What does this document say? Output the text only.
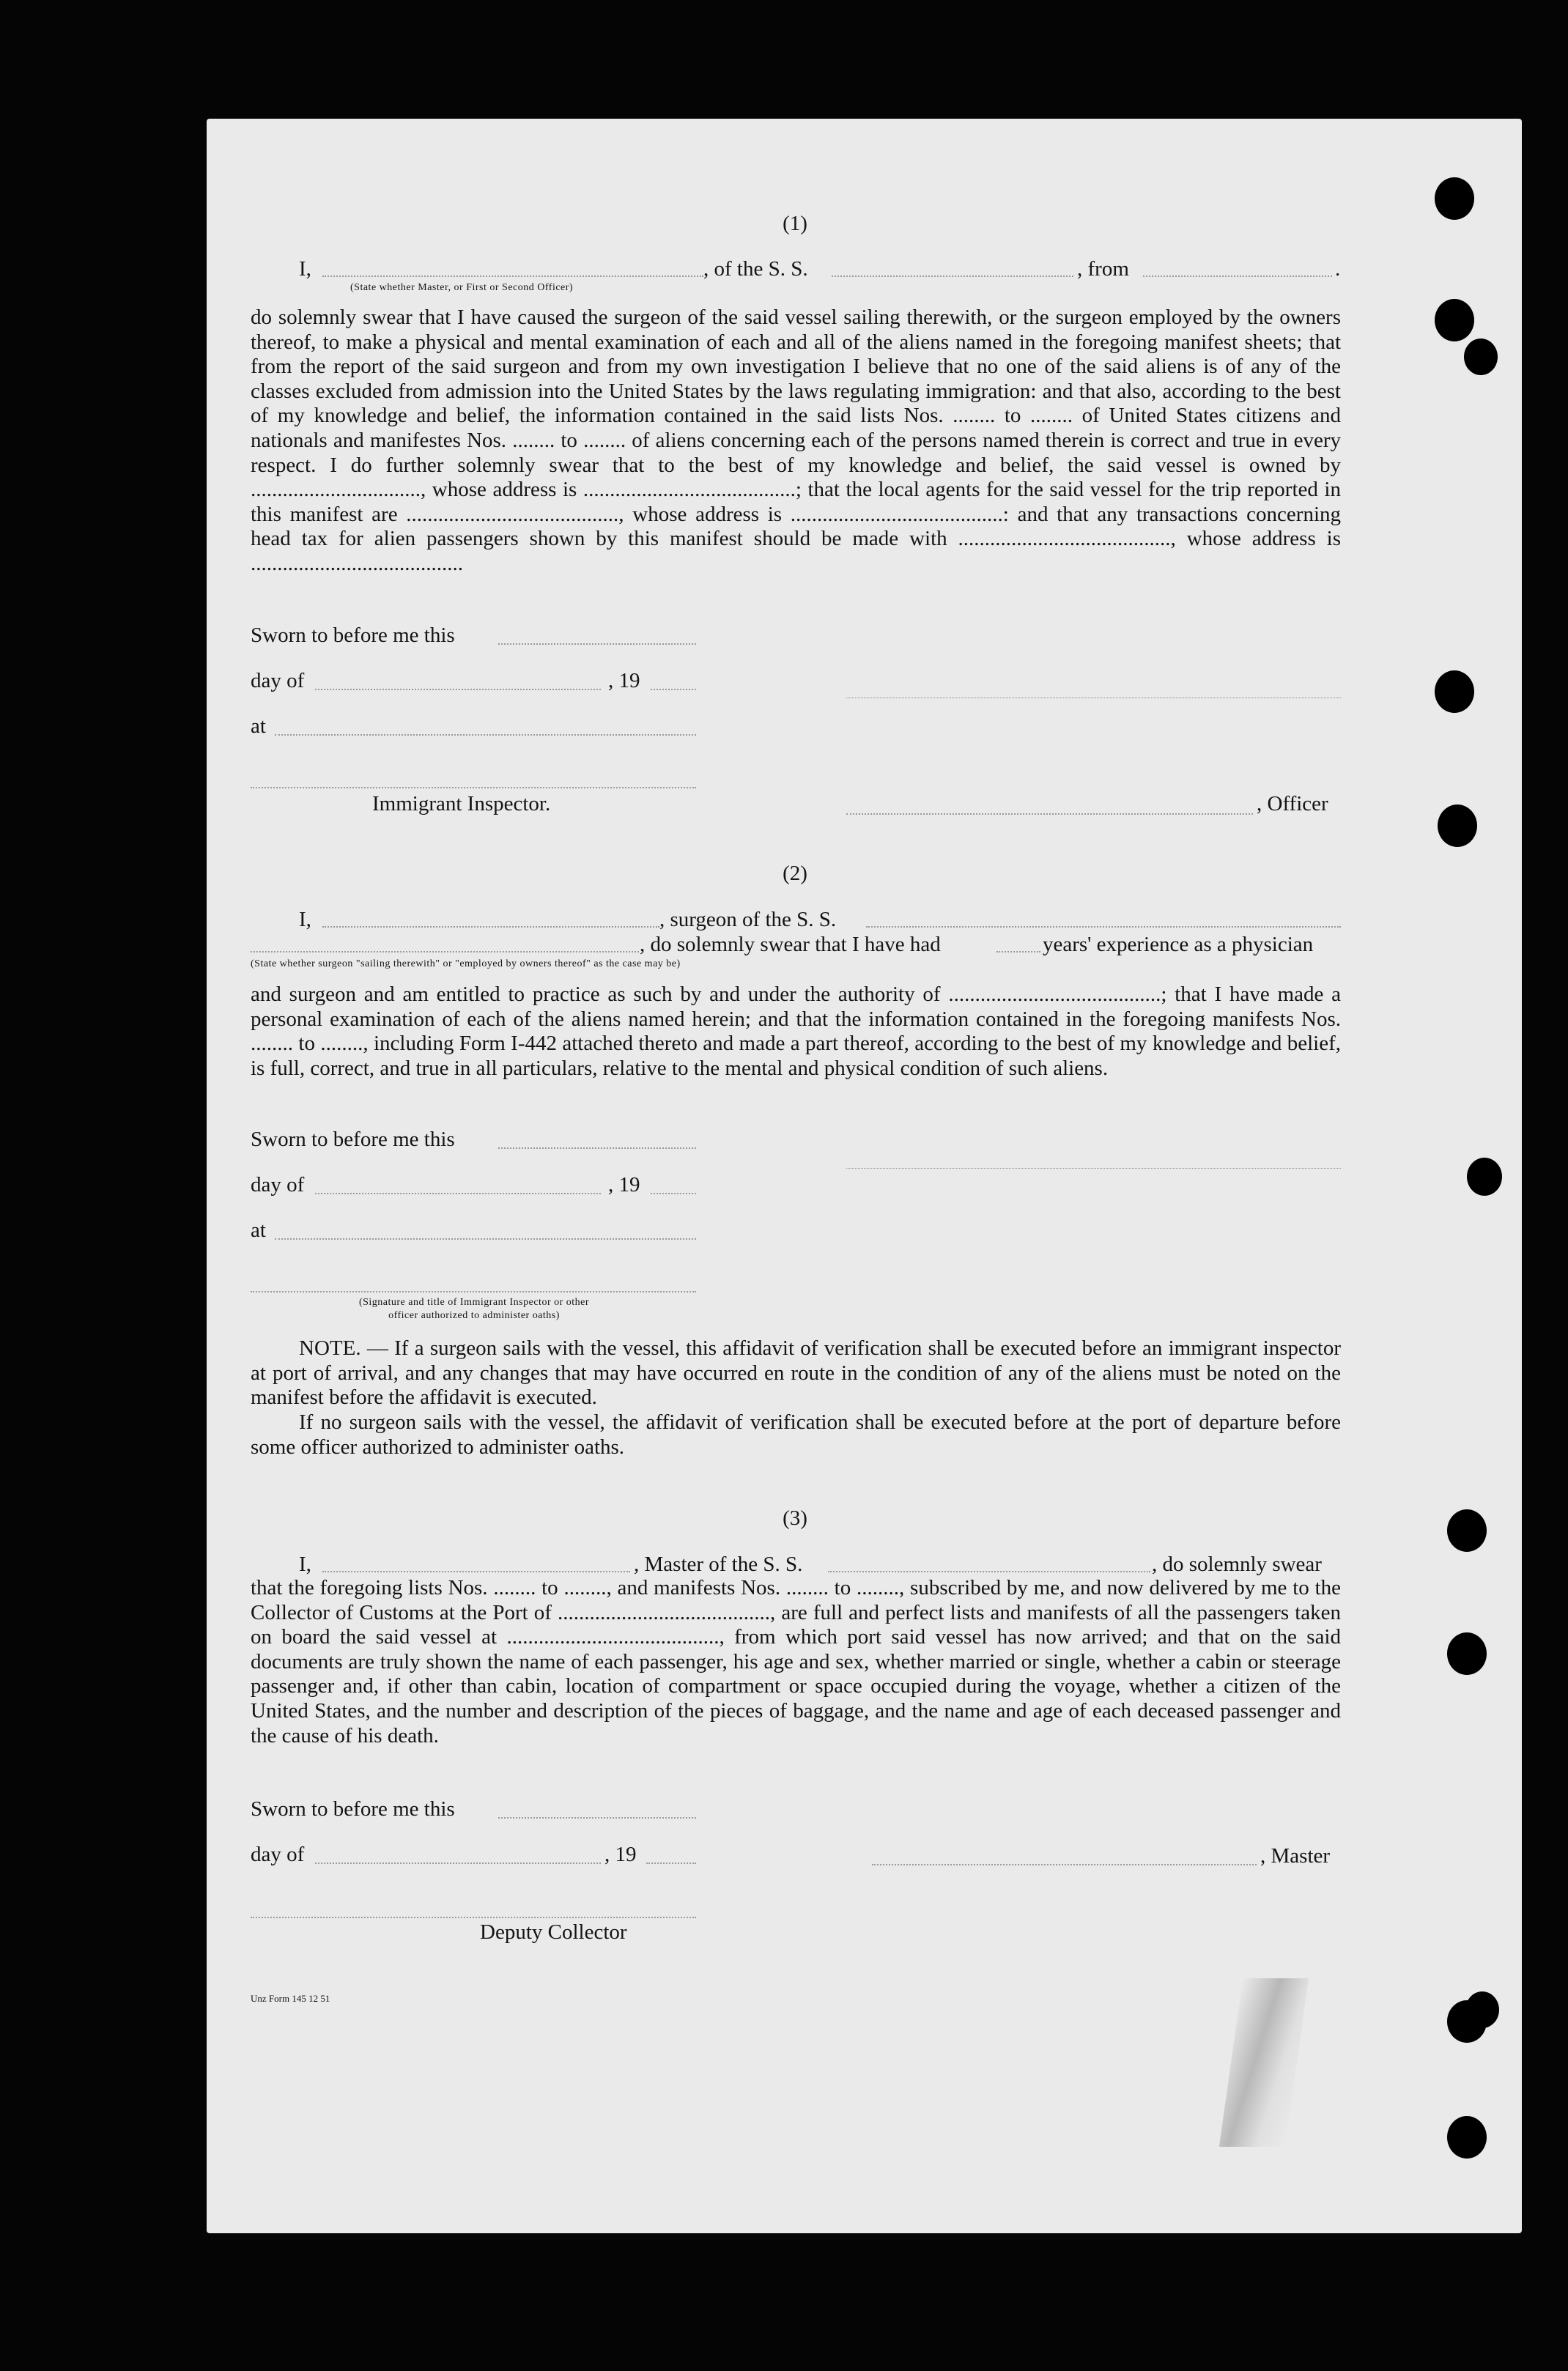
(1)
I,	, of the S. S.	, from	.
(State whether Master, or First or Second Officer)
do solemnly swear that I have caused the surgeon of the said vessel sailing therewith, or the surgeon employed by the owners thereof, to make a physical and mental examination of each and all of the aliens named in the foregoing manifest sheets; that from the report of the said surgeon and from my own investigation I believe that no one of the said aliens is of any of the classes excluded from admission into the United States by the laws regulating immigration: and that also, according to the best of my knowledge and belief, the information contained in the said lists Nos. ........ to ........ of United States citizens and nationals and manifestes Nos. ........ to ........ of aliens concerning each of the persons named therein is correct and true in every respect. I do further solemnly swear that to the best of my knowledge and belief, the said vessel is owned by ................................, whose address is ........................................; that the local agents for the said vessel for the trip reported in this manifest are ........................................, whose address is ........................................: and that any transactions concerning head tax for alien passengers shown by this manifest should be made with ........................................, whose address is ........................................
Sworn to before me this
day of	, 19
at
Immigrant Inspector.	, Officer
(2)
I,	, surgeon of the S. S.
, do solemnly swear that I have had	years' experience as a physician
(State whether surgeon "sailing therewith" or "employed by owners thereof" as the case may be)
and surgeon and am entitled to practice as such by and under the authority of ........................................; that I have made a personal examination of each of the aliens named herein; and that the information contained in the foregoing manifests Nos. ........ to ........, including Form I-442 attached thereto and made a part thereof, according to the best of my knowledge and belief, is full, correct, and true in all particulars, relative to the mental and physical condition of such aliens.
Sworn to before me this
day of	, 19
at
(Signature and title of Immigrant Inspector or other
officer authorized to administer oaths)
NOTE. — If a surgeon sails with the vessel, this affidavit of verification shall be executed before an immigrant inspector at port of arrival, and any changes that may have occurred en route in the condition of any of the aliens must be noted on the manifest before the affidavit is executed.
If no surgeon sails with the vessel, the affidavit of verification shall be executed before at the port of departure before some officer authorized to administer oaths.
(3)
I,	, Master of the S. S.	, do solemnly swear
that the foregoing lists Nos. ........ to ........, and manifests Nos. ........ to ........, subscribed by me, and now delivered by me to the Collector of Customs at the Port of ........................................, are full and perfect lists and manifests of all the passengers taken on board the said vessel at ........................................, from which port said vessel has now arrived; and that on the said documents are truly shown the name of each passenger, his age and sex, whether married or single, whether a cabin or steerage passenger and, if other than cabin, location of compartment or space occupied during the voyage, whether a citizen of the United States, and the number and description of the pieces of baggage, and the name and age of each deceased passenger and the cause of his death.
Sworn to before me this
day of	, 19	, Master
Deputy Collector
Unz Form 145 12 51
